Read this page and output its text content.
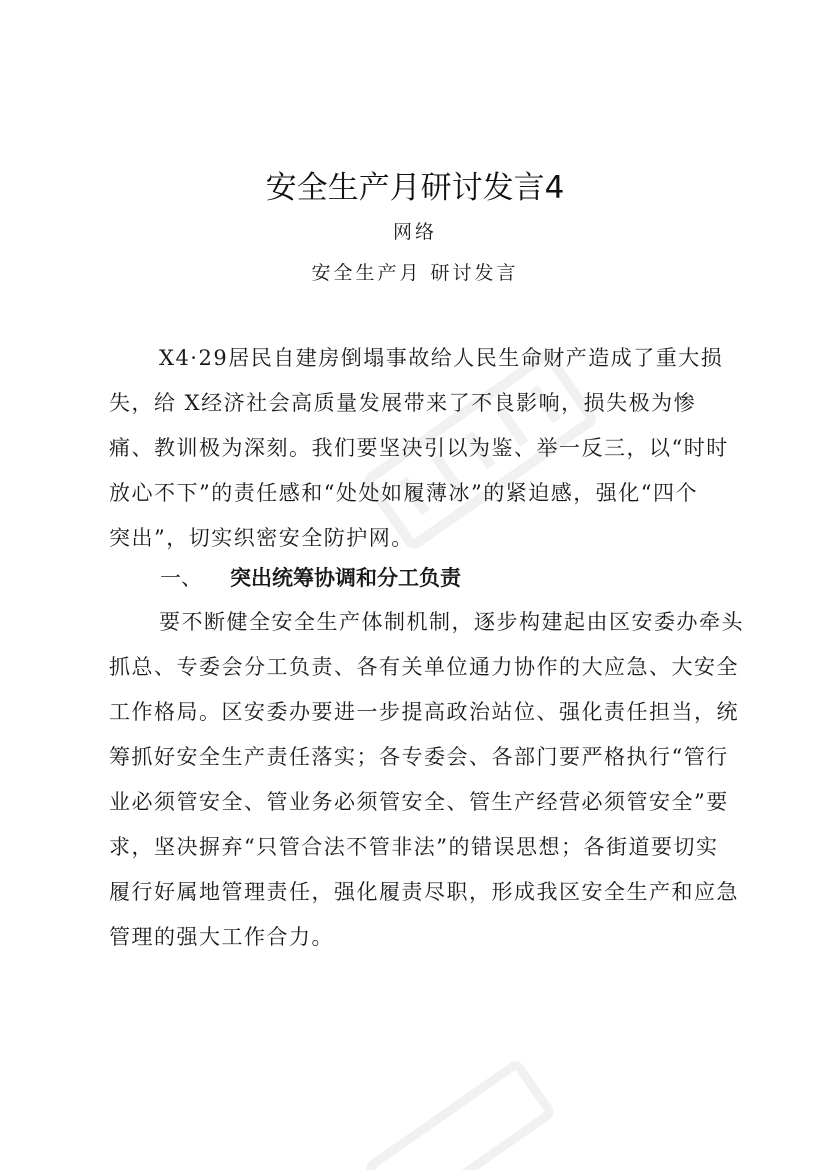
安全生产月研讨发言4
网络
安全生产月 研讨发言
X4·29居民自建房倒塌事故给人民生命财产造成了重大损
失，给 X经济社会高质量发展带来了不良影响，损失极为惨
痛、教训极为深刻。我们要坚决引以为鉴、举一反三，以“时时
放心不下”的责任感和“处处如履薄冰”的紧迫感，强化“四个
突出”，切实织密安全防护网。
一、 突出统筹协调和分工负责
要不断健全安全生产体制机制，逐步构建起由区安委办牵头
抓总、专委会分工负责、各有关单位通力协作的大应急、大安全
工作格局。区安委办要进一步提高政治站位、强化责任担当，统
筹抓好安全生产责任落实；各专委会、各部门要严格执行“管行
业必须管安全、管业务必须管安全、管生产经营必须管安全”要
求，坚决摒弃“只管合法不管非法”的错误思想；各街道要切实
履行好属地管理责任，强化履责尽职，形成我区安全生产和应急
管理的强大工作合力。
